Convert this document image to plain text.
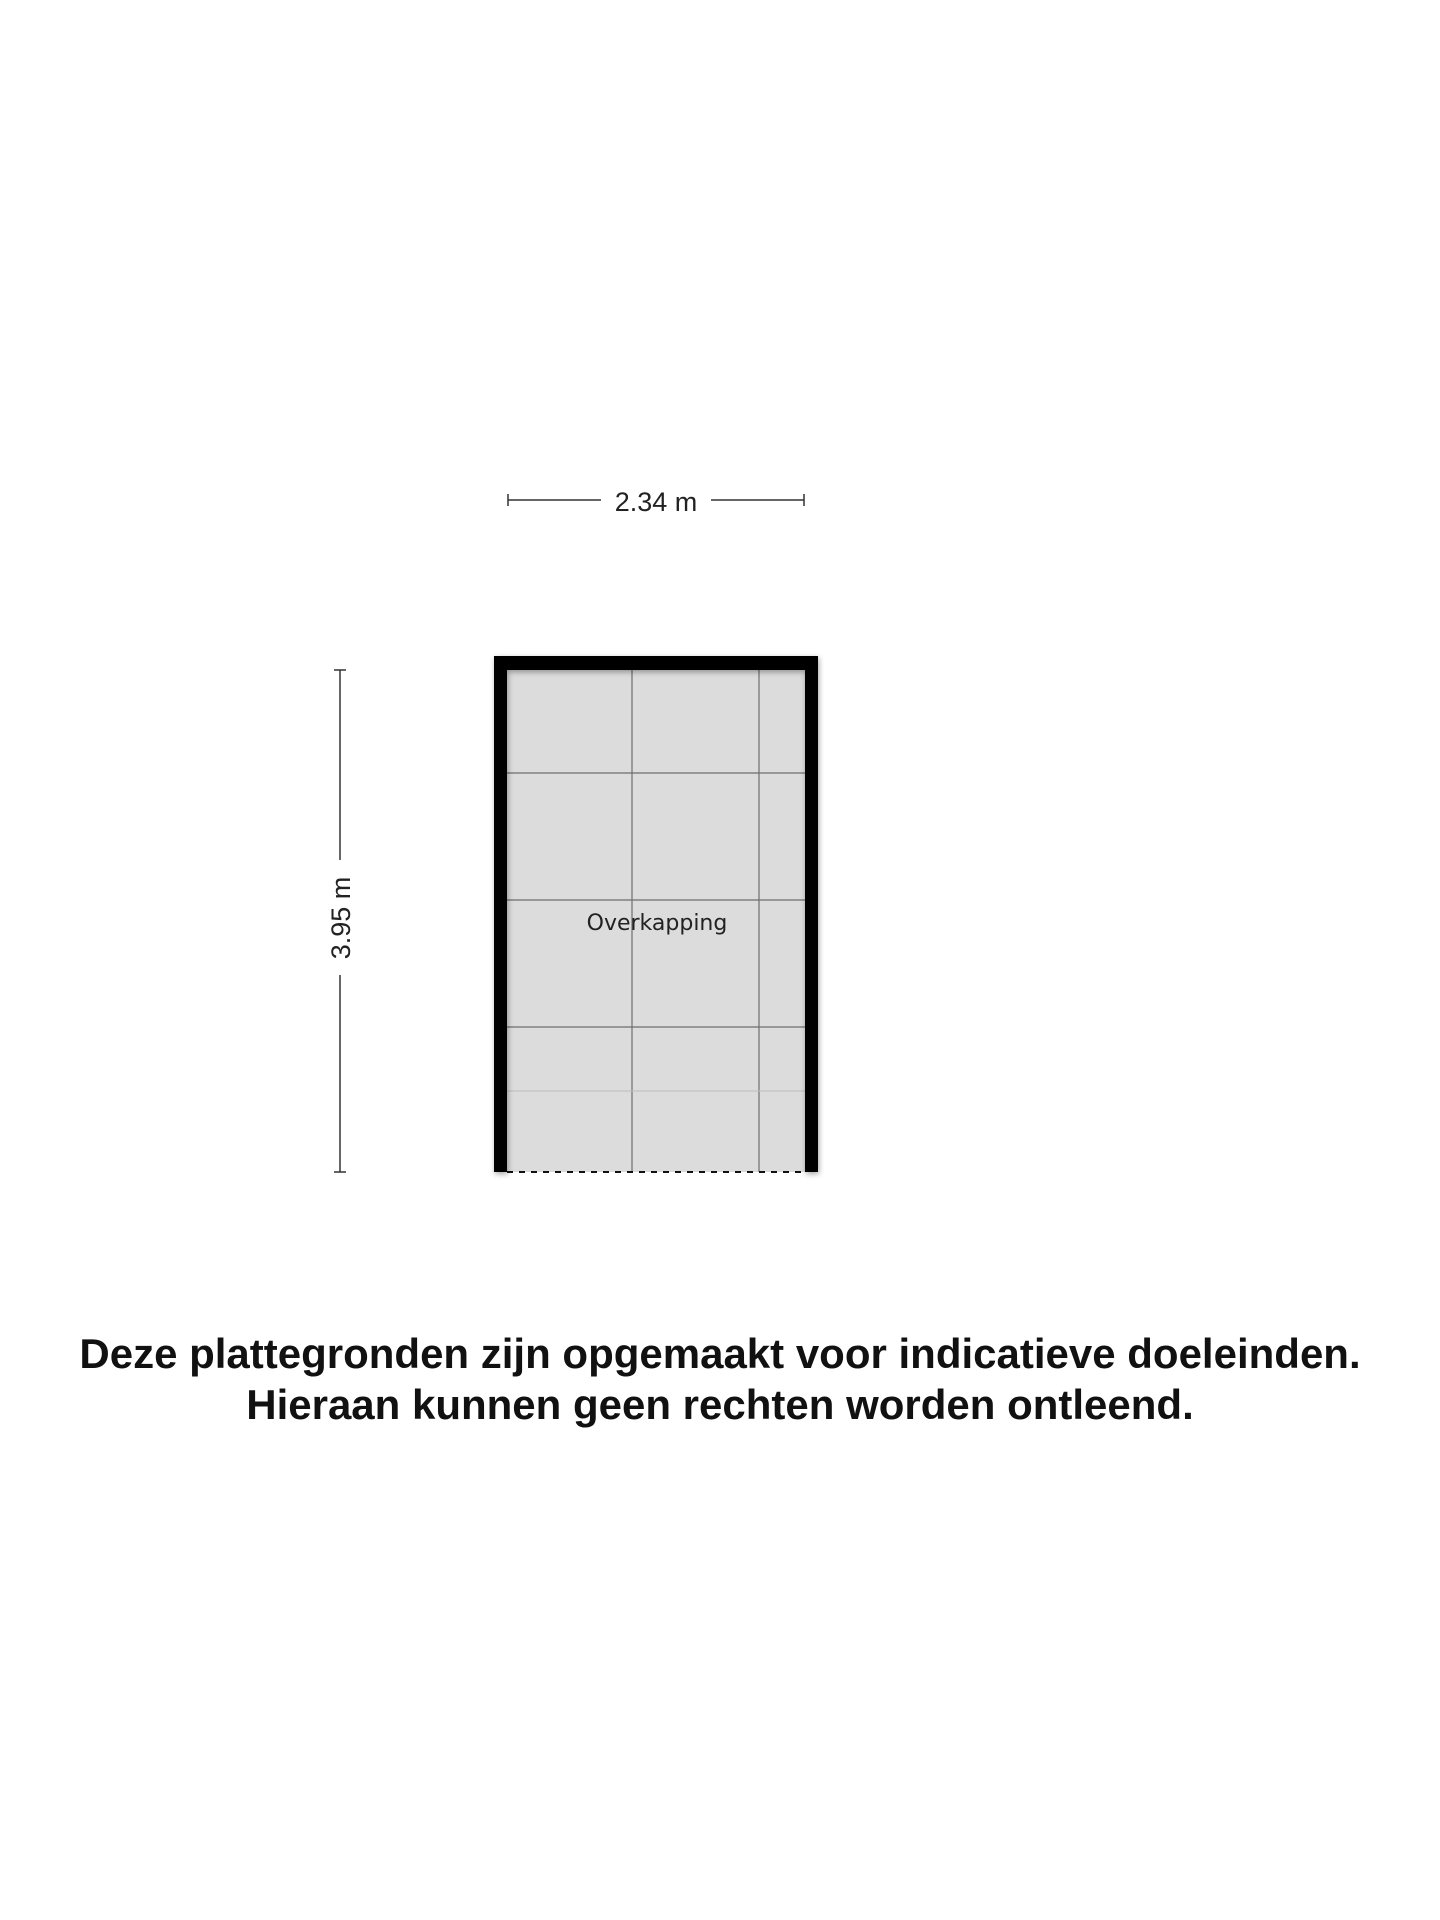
2.34 m
3.95 m	Overkapping
Deze plattegronden zijn opgemaakt voor indicatieve doeleinden.
Hieraan kunnen geen rechten worden ontleend.
